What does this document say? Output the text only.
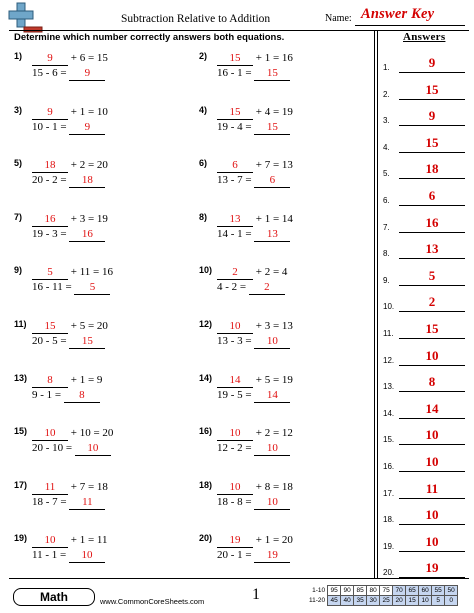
Subtraction Relative to Addition	Name: Answer Key
Determine which number correctly answers both equations.
1)	9 + 6 = 15
15 - 6 = 9
2)	15 + 1 = 16
16 - 1 = 15
3)	9 + 1 = 10
10 - 1 = 9
4)	15 + 4 = 19
19 - 4 = 15
5)	18 + 2 = 20
20 - 2 = 18
6)	6 + 7 = 13
13 - 7 = 6
7)	16 + 3 = 19
19 - 3 = 16
8)	13 + 1 = 14
14 - 1 = 13
9)	5 + 11 = 16
16 - 11 = 5
10)	2 + 2 = 4
4 - 2 = 2
11)	15 + 5 = 20
20 - 5 = 15
12)	10 + 3 = 13
13 - 3 = 10
13)	8 + 1 = 9
9 - 1 = 8
14)	14 + 5 = 19
19 - 5 = 14
15)	10 + 10 = 20
20 - 10 = 10
16)	10 + 2 = 12
12 - 2 = 10
17)	11 + 7 = 18
18 - 7 = 11
18)	10 + 8 = 18
18 - 8 = 10
19)	10 + 1 = 11
11 - 1 = 10
20)	19 + 1 = 20
20 - 1 = 19
Answers
1.	9
2.	15
3.	9
4.	15
5.	18
6.	6
7.	16
8.	13
9.	5
10.	2
11.	15
12.	10
13.	8
14.	14
15.	10
16.	10
17.	11
18.	10
19.	10
20.	19
Math	www.CommonCoreSheets.com	1	1-10	95	90	85	80	75	70	65	60	55	50
11-20	45	40	35	30	25	20	15	10	5	0
